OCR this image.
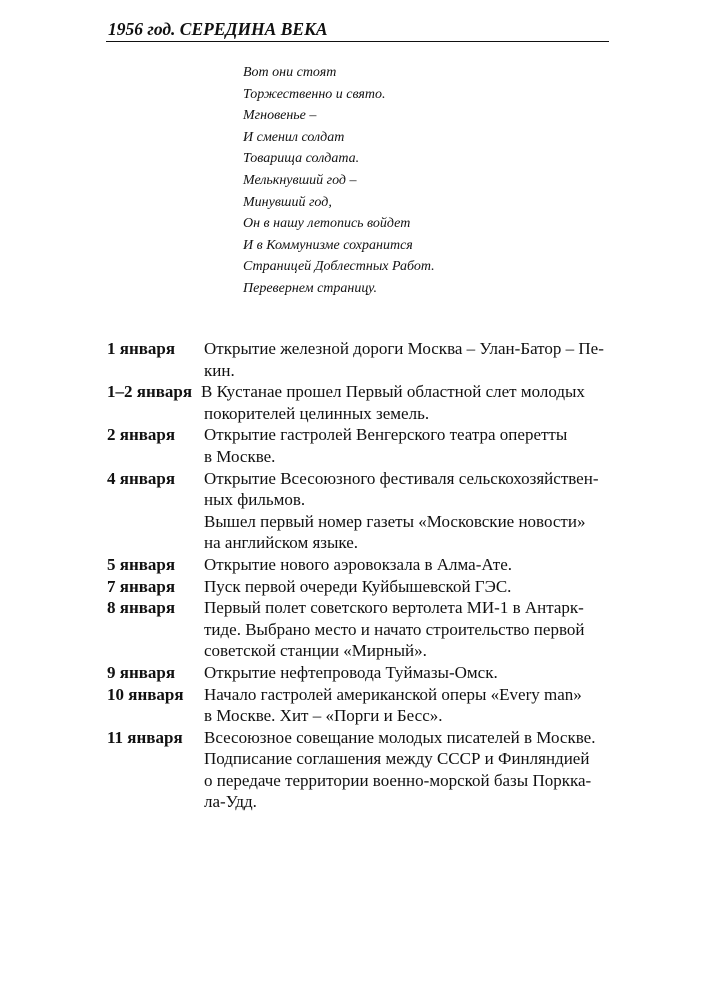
1956 год. СЕРЕДИНА ВЕКА
Вот они стоят
Торжественно и свято.
Мгновенье –
И сменил солдат
Товарища солдата.
Мелькнувший год –
Минувший год,
Он в нашу летопись войдет
И в Коммунизме сохранится
Страницей Доблестных Работ.
Перевернем страницу.
1 января	Открытие железной дороги Москва – Улан-Батор – Пе-
кин.
1–2 января В Кустанае прошел Первый областной слет молодых
покорителей целинных земель.
2 января	Открытие гастролей Венгерского театра оперетты
в Москве.
4 января	Открытие Всесоюзного фестиваля сельскохозяйствен-
ных фильмов.
Вышел первый номер газеты «Московские новости»
на английском языке.
5 января	Открытие нового аэровокзала в Алма-Ате.
7 января	Пуск первой очереди Куйбышевской ГЭС.
8 января	Первый полет советского вертолета МИ-1 в Антарк-
тиде. Выбрано место и начато строительство первой
советской станции «Мирный».
9 января	Открытие нефтепровода Туймазы-Омск.
10 января	Начало гастролей американской оперы «Every man»
в Москве. Хит – «Порги и Бесс».
11 января	Всесоюзное совещание молодых писателей в Москве.
Подписание соглашения между СССР и Финляндией
о передаче территории военно-морской базы Поркка-
ла-Удд.
